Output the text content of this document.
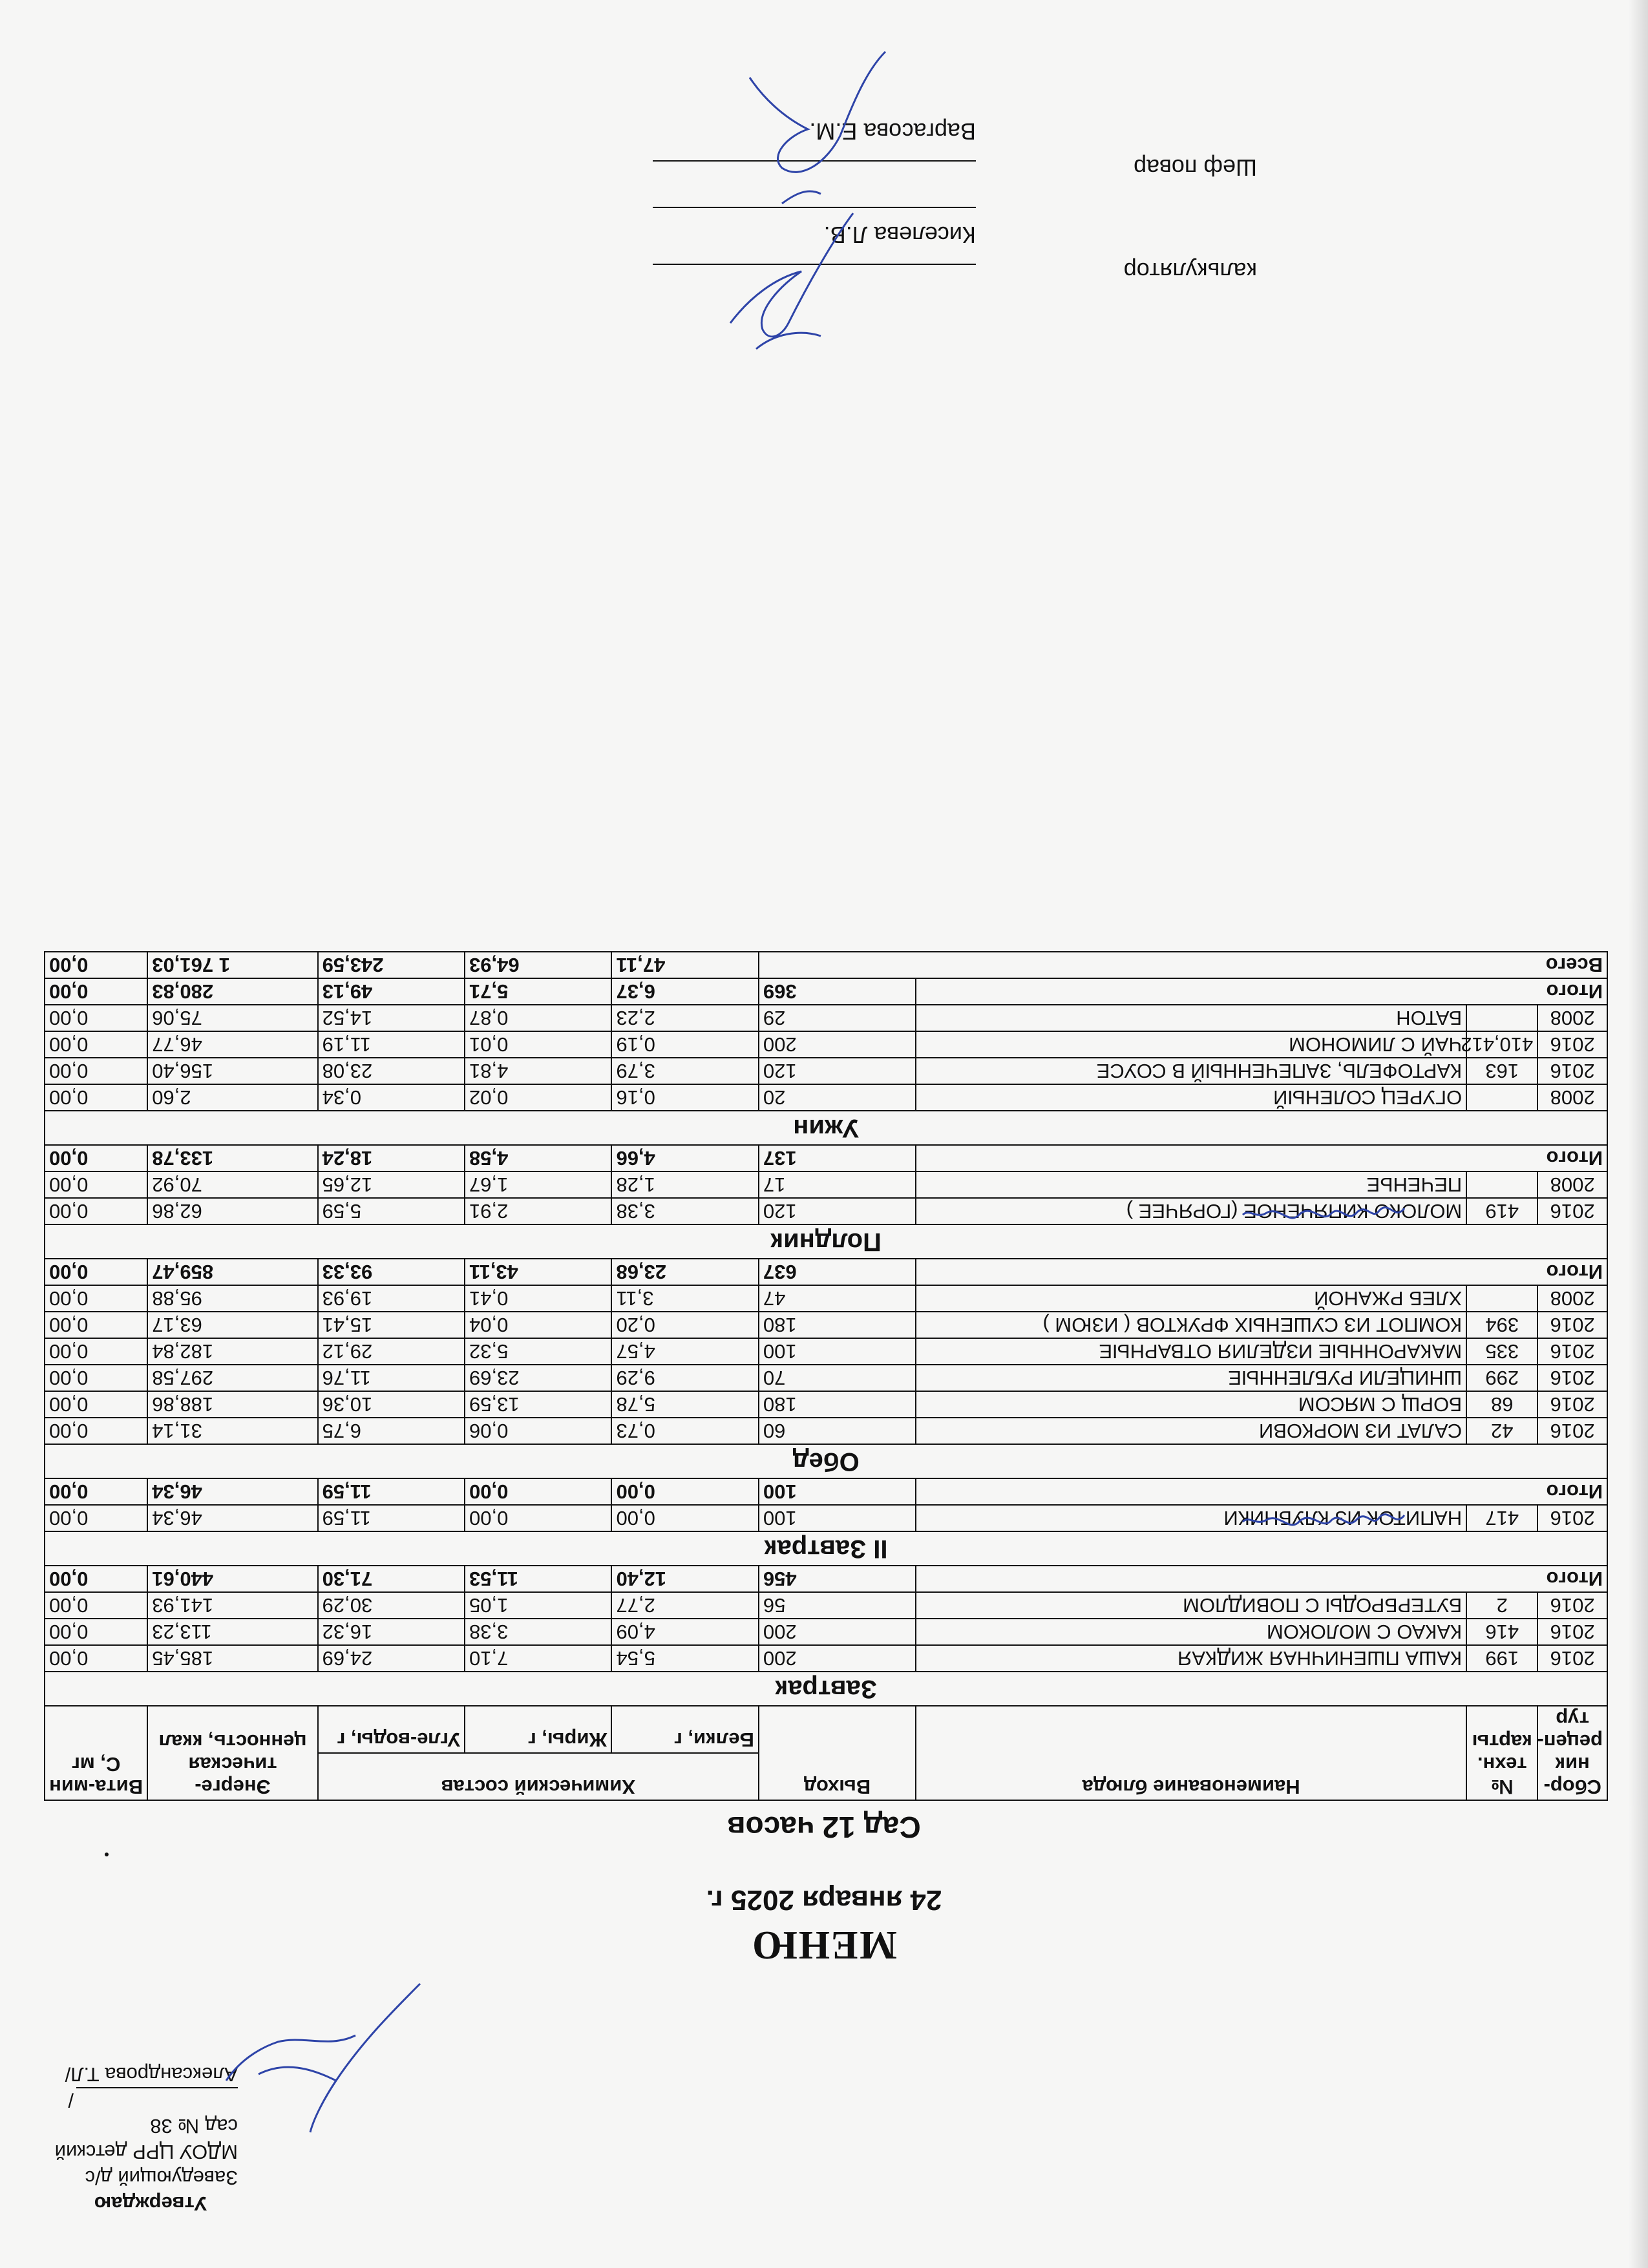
Утверждаю
Заведующий д/с
МДОУ ЦРР детский сад № 38
/Александрова Т.Л/
МЕНЮ
24 января 2025 г.
Сад 12 часов
Сбор-ник рецеп-тур	№ техн. карты	Наименование блюда	Выход	Химический состав			Энерге-тическая ценность, ккал	Вита-мин С, мг
				Белки, г	Жиры, г	Угле-воды, г		
Завтрак								
2016	199	КАША ПШЕНИЧНАЯ ЖИДКАЯ	200	5,54	7,10	24,69	185,45	0,00
2016	416	КАКАО С МОЛОКОМ	200	4,09	3,38	16,32	113,23	0,00
2016	2	БУТЕРБРОДЫ С ПОВИДЛОМ	56	2,77	1,05	30,29	141,93	0,00
Итого			456	12,40	11,53	71,30	440,61	0,00
II Завтрак								
2016	417	НАПИТОК ИЗ КЛУБНИКИ	100	0,00	0,00	11,59	46,34	0,00
Итого			100	0,00	0,00	11,59	46,34	0,00
Обед								
2016	42	САЛАТ ИЗ МОРКОВИ	60	0,73	0,06	6,75	31,14	0,00
2016	68	БОРЩ С МЯСОМ	180	5,78	13,59	10,36	188,86	0,00
2016	299	ШНИЦЕЛИ РУБЛЕННЫЕ	70	9,29	23,69	11,76	297,58	0,00
2016	335	МАКАРОННЫЕ ИЗДЕЛИЯ ОТВАРНЫЕ	100	4,57	5,32	29,12	182,84	0,00
2016	394	КОМПОТ ИЗ СУШЕНЫХ ФРУКТОВ ( ИЗЮМ )	180	0,20	0,04	15,41	63,17	0,00
2008		ХЛЕБ РЖАНОЙ	47	3,11	0,41	19,93	95,88	0,00
Итого			637	23,68	43,11	93,33	859,47	0,00
Полдник								
2016	419	МОЛОКО КИПЯЧЕНОЕ (ГОРЯЧЕЕ )	120	3,38	2,91	5,59	62,86	0,00
2008		ПЕЧЕНЬЕ	17	1,28	1,67	12,65	70,92	0,00
Итого			137	4,66	4,58	18,24	133,78	0,00
Ужин								
2008		ОГУРЕЦ СОЛЕНЫЙ	20	0,16	0,02	0,34	2,60	0,00
2016	163	КАРТОФЕЛЬ, ЗАПЕЧЕННЫЙ В СОУСЕ	120	3,79	4,81	23,08	156,40	0,00
2016	410,412	ЧАЙ С ЛИМОНОМ	200	0,19	0,01	11,19	46,77	0,00
2008		БАТОН	29	2,23	0,87	14,52	75,06	0,00
Итого			369	6,37	5,71	49,13	280,83	0,00
Всего				47,11	64,93	243,59	1 761,03	0,00
калькулятор
Киселева Л.В.
Шеф повар
Варгасова Е.М.
